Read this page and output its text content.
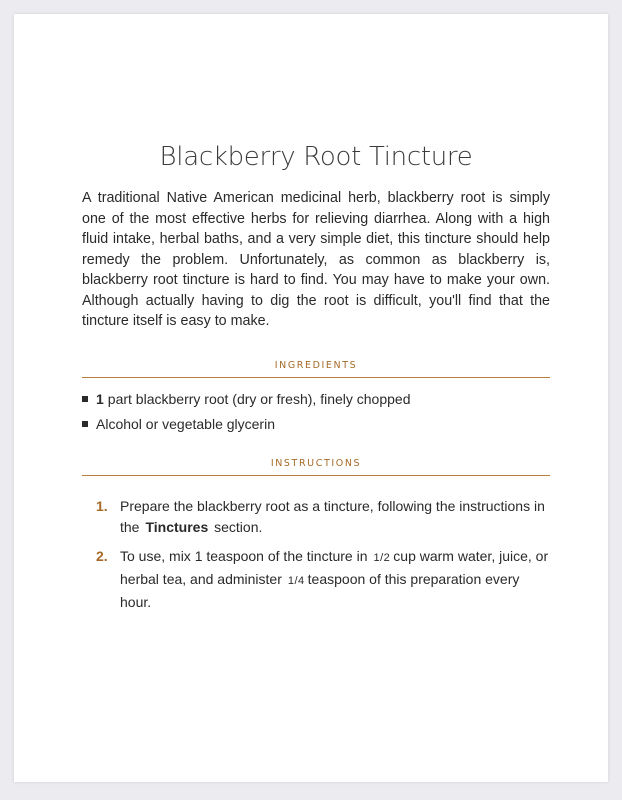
Blackberry Root Tincture

A traditional Native American medicinal herb, blackberry root is simply one of the most effective herbs for relieving diarrhea. Along with a high fluid intake, herbal baths, and a very simple diet, this tincture should help remedy the problem. Unfortunately, as common as blackberry is, blackberry root tincture is hard to find. You may have to make your own. Although actually having to dig the root is difficult, you'll find that the tincture itself is easy to make.

INGREDIENTS
1 part blackberry root (dry or fresh), finely chopped
Alcohol or vegetable glycerin
INSTRUCTIONS
1. Prepare the blackberry root as a tincture, following the instructions in the Tinctures section.
2. To use, mix 1 teaspoon of the tincture in 1/2 cup warm water, juice, or herbal tea, and administer 1/4 teaspoon of this preparation every hour.
